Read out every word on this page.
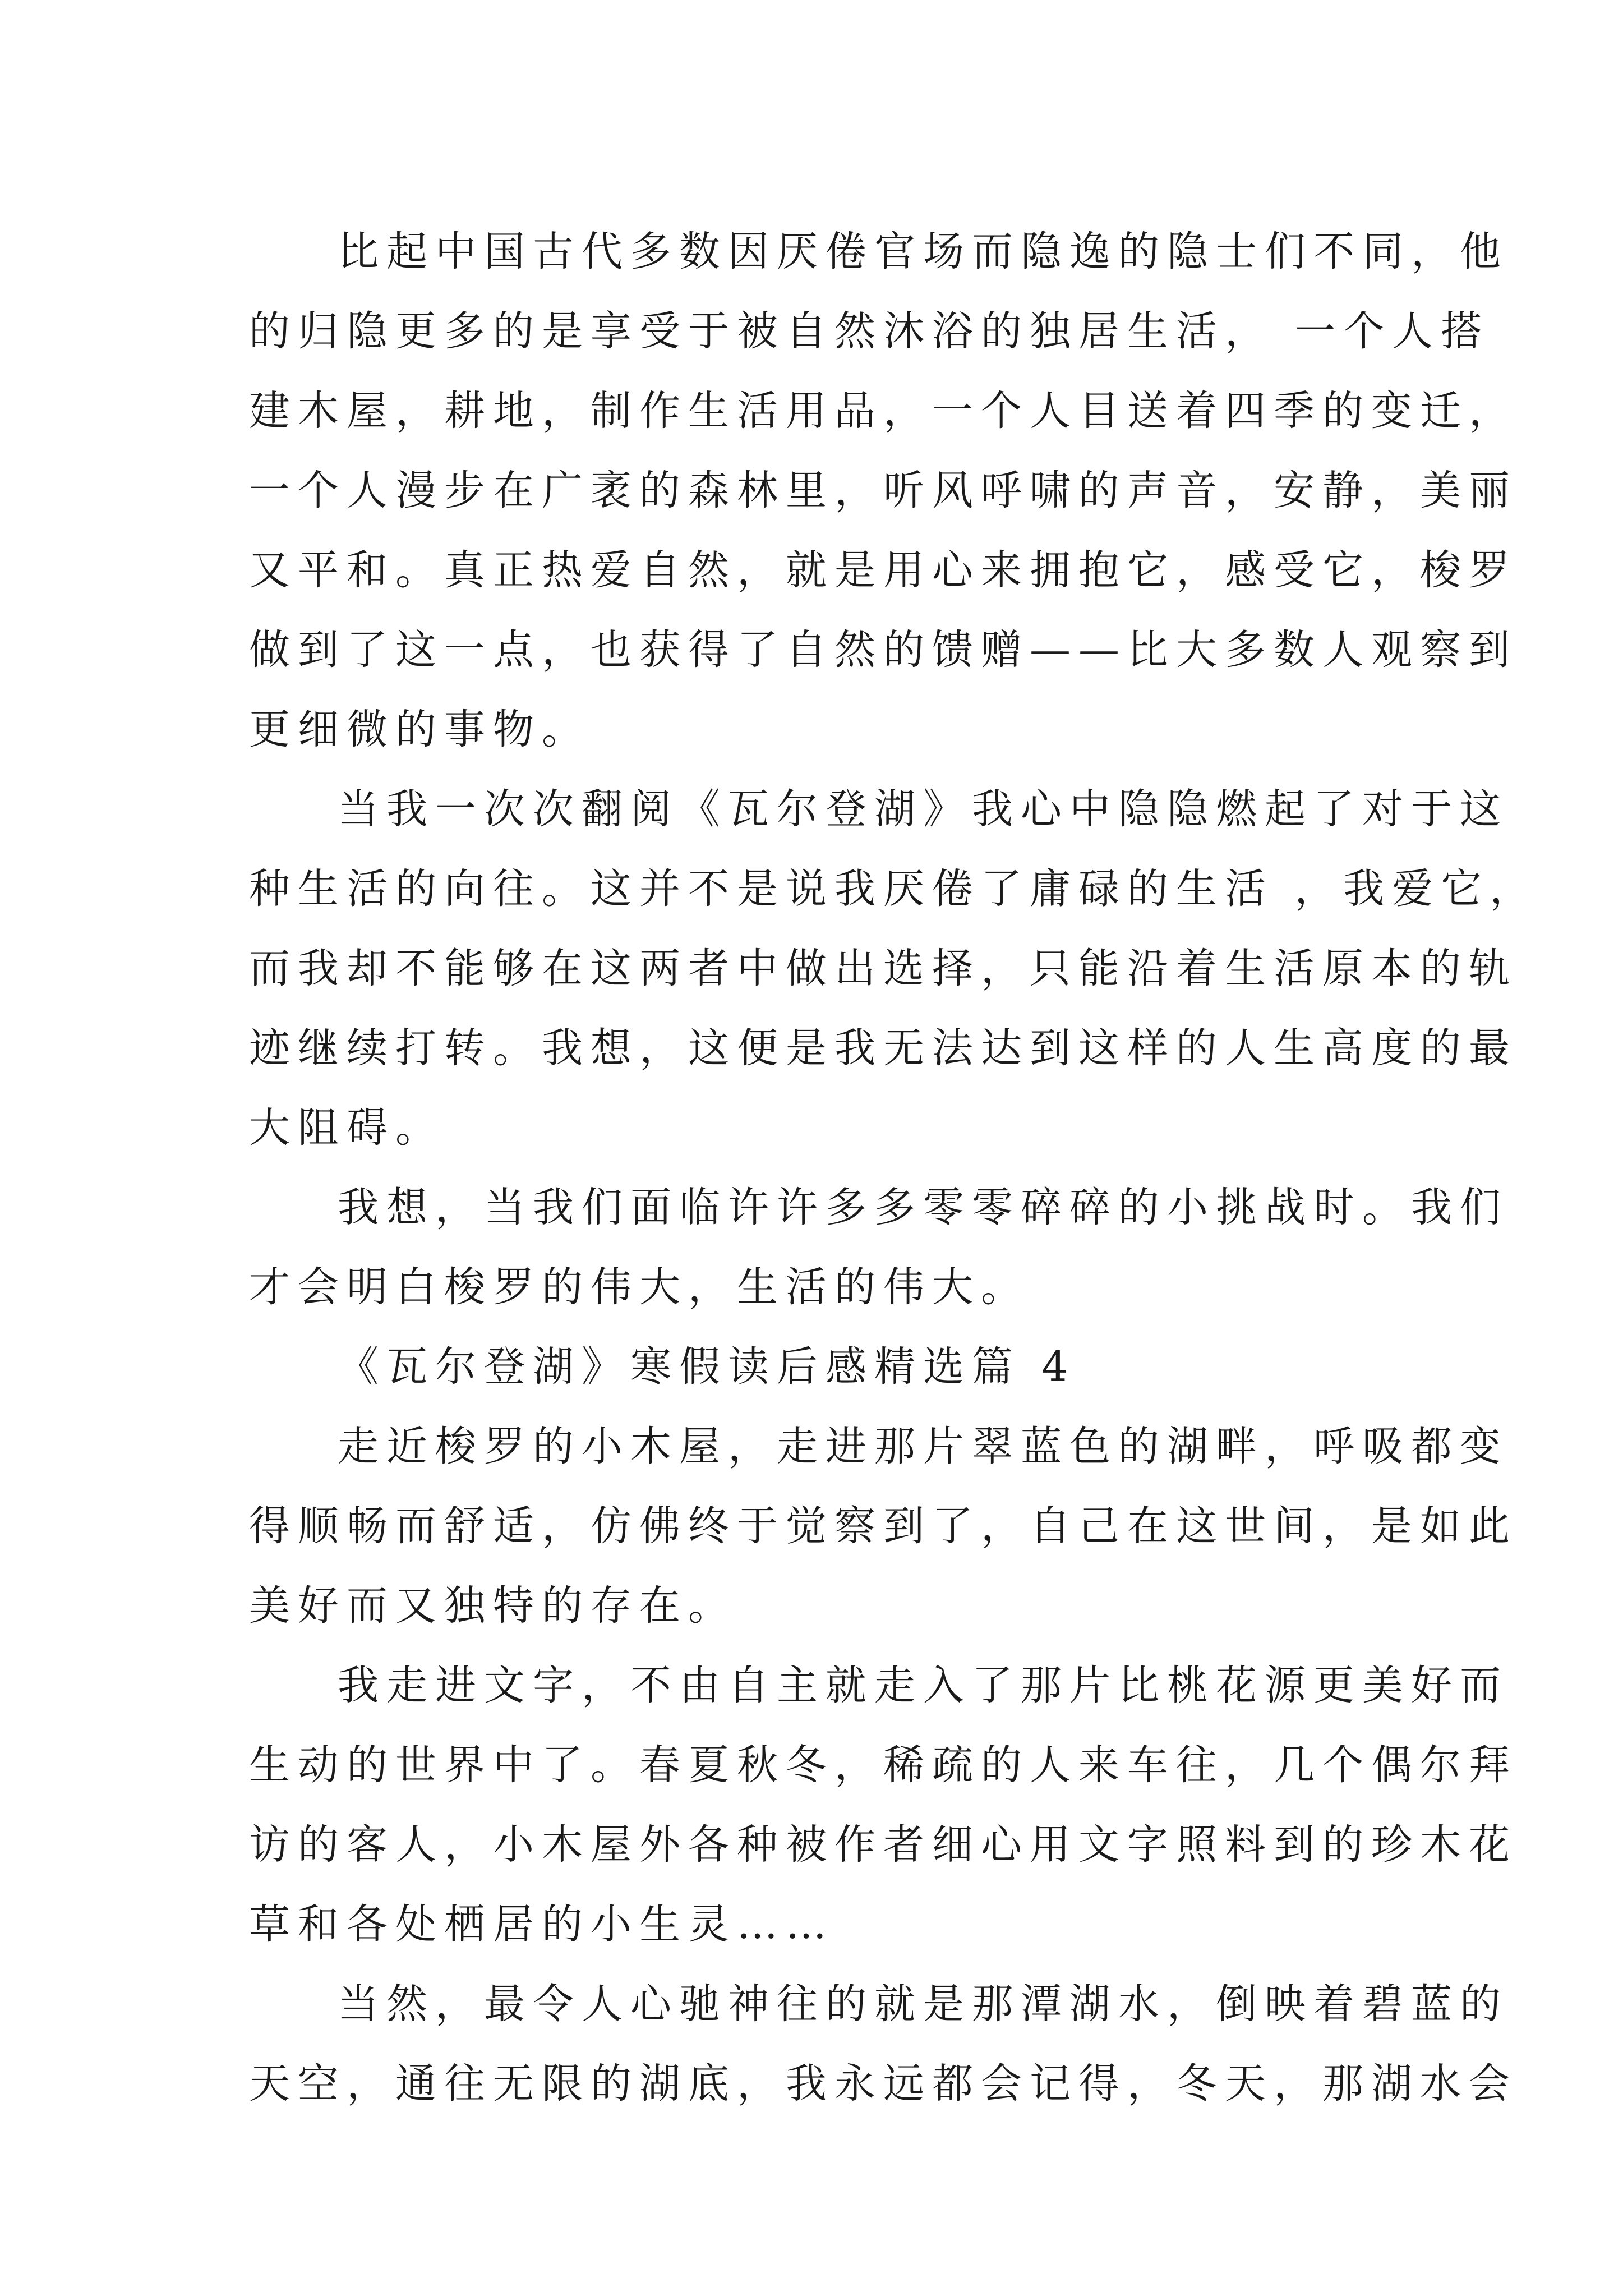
比起中国古代多数因厌倦官场而隐逸的隐士们不同，他
的归隐更多的是享受于被自然沐浴的独居生活， 一个人搭
建木屋，耕地，制作生活用品，一个人目送着四季的变迁，
一个人漫步在广袤的森林里，听风呼啸的声音，安静，美丽
又平和。真正热爱自然，就是用心来拥抱它，感受它，梭罗
做到了这一点，也获得了自然的馈赠——比大多数人观察到
更细微的事物。
当我一次次翻阅《瓦尔登湖》我心中隐隐燃起了对于这
种生活的向往。这并不是说我厌倦了庸碌的生活 ，我爱它，
而我却不能够在这两者中做出选择，只能沿着生活原本的轨
迹继续打转。我想，这便是我无法达到这样的人生高度的最
大阻碍。
我想，当我们面临许许多多零零碎碎的小挑战时。我们
才会明白梭罗的伟大，生活的伟大。
《瓦尔登湖》寒假读后感精选篇 4
走近梭罗的小木屋，走进那片翠蓝色的湖畔，呼吸都变
得顺畅而舒适，仿佛终于觉察到了，自己在这世间，是如此
美好而又独特的存在。
我走进文字，不由自主就走入了那片比桃花源更美好而
生动的世界中了。春夏秋冬，稀疏的人来车往，几个偶尔拜
访的客人，小木屋外各种被作者细心用文字照料到的珍木花
草和各处栖居的小生灵……
当然，最令人心驰神往的就是那潭湖水，倒映着碧蓝的
天空，通往无限的湖底，我永远都会记得，冬天，那湖水会
